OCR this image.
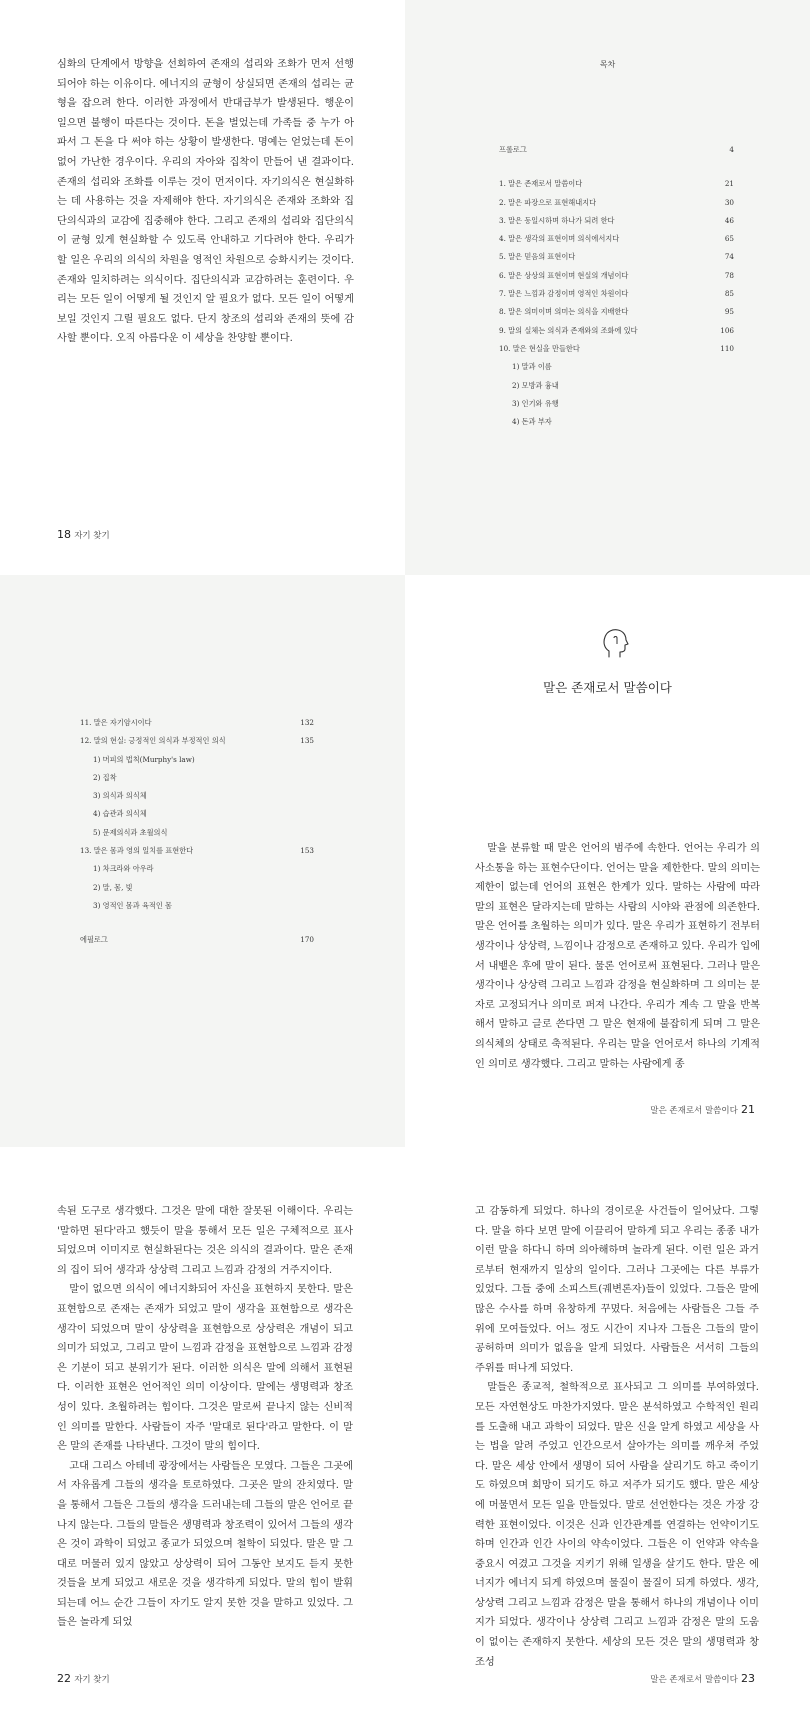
심화의 단계에서 방향을 선회하여 존재의 섭리와 조화가 먼저 선행되어야 하는 이유이다. 에너지의 균형이 상실되면 존재의 섭리는 균형을 잡으려 한다. 이러한 과정에서 반대급부가 발생된다. 행운이 일으면 불행이 따른다는 것이다. 돈을 벌었는데 가족들 중 누가 아파서 그 돈을 다 써야 하는 상황이 발생한다. 명예는 얻었는데 돈이 없어 가난한 경우이다. 우리의 자아와 집착이 만들어 낸 결과이다. 존재의 섭리와 조화를 이루는 것이 먼저이다. 자기의식은 현실화하는 데 사용하는 것을 자제해야 한다. 자기의식은 존재와 조화와 집단의식과의 교감에 집중해야 한다. 그리고 존재의 섭리와 집단의식이 균형 있게 현실화할 수 있도록 안내하고 기다려야 한다. 우리가 할 일은 우리의 의식의 차원을 영적인 차원으로 승화시키는 것이다. 존재와 일치하려는 의식이다. 집단의식과 교감하려는 훈련이다. 우리는 모든 일이 어떻게 될 것인지 알 필요가 없다. 모든 일이 어떻게 보일 것인지 그릴 필요도 없다. 단지 창조의 섭리와 존재의 뜻에 감사할 뿐이다. 오직 아름다운 이 세상을 찬양할 뿐이다.
18 자기 찾기
목차
프롤로그	4
1. 말은 존재로서 말씀이다	21
2. 말은 파장으로 표현해내지다	30
3. 말은 동일시하며 하나가 되려 한다	46
4. 말은 생각의 표현이며 의식에서지다	65
5. 말은 믿음의 표현이다	74
6. 말은 상상의 표현이며 현실의 개념이다	78
7. 말은 느낌과 감정이며 영적인 차원이다	85
8. 말은 의미이며 의미는 의식을 지배한다	95
9. 말의 실체는 의식과 존재와의 조화에 있다	106
10. 말은 현실을 만들한다	110
1) 말과 이름
2) 모방과 흉내
3) 인기와 유행
4) 돈과 부자
11. 말은 자기암시이다	132
12. 말의 현실: 긍정적인 의식과 부정적인 의식	135
1) 머피의 법칙(Murphy's law)
2) 집착
3) 의식과 의식체
4) 습관과 의식체
5) 문제의식과 초월의식
13. 말은 몸과 영의 일치를 표현한다	153
1) 차크라와 아우라
2) 말, 몸, 빛
3) 영적인 몸과 육적인 몸
에필로그	170
말은 존재로서 말씀이다
말을 분류할 때 말은 언어의 범주에 속한다. 언어는 우리가 의사소통을 하는 표현수단이다. 언어는 말을 제한한다. 말의 의미는 제한이 없는데 언어의 표현은 한계가 있다. 말하는 사람에 따라 말의 표현은 달라지는데 말하는 사람의 시야와 관점에 의존한다. 말은 언어를 초월하는 의미가 있다. 말은 우리가 표현하기 전부터 생각이나 상상력, 느낌이나 감정으로 존재하고 있다. 우리가 입에서 내뱉은 후에 말이 된다. 물론 언어로써 표현된다. 그러나 말은 생각이나 상상력 그리고 느낌과 감정을 현실화하며 그 의미는 문자로 고정되거나 의미로 퍼져 나간다. 우리가 계속 그 말을 반복해서 말하고 글로 쓴다면 그 말은 현재에 불잡히게 되며 그 말은 의식체의 상태로 축적된다. 우리는 말을 언어로서 하나의 기계적인 의미로 생각했다. 그리고 말하는 사람에게 종
말은 존재로서 말씀이다 21

속된 도구로 생각했다. 그것은 말에 대한 잘못된 이해이다. 우리는 '말하면 된다'라고 했듯이 말을 통해서 모든 일은 구체적으로 표사되었으며 이미지로 현실화된다는 것은 의식의 결과이다. 말은 존재의 집이 되어 생각과 상상력 그리고 느낌과 감정의 거주지이다.

말이 없으면 의식이 에너지화되어 자신을 표현하지 못한다. 말은 표현함으로 존재는 존재가 되었고 말이 생각을 표현함으로 생각은 생각이 되었으며 말이 상상력을 표현함으로 상상력은 개념이 되고 의미가 되었고, 그리고 말이 느낌과 감정을 표현함으로 느낌과 감정은 기분이 되고 분위기가 된다. 이러한 의식은 말에 의해서 표현된다. 이러한 표현은 언어적인 의미 이상이다. 말에는 생명력과 창조성이 있다. 초월하려는 힘이다. 그것은 말로써 끝나지 않는 신비적인 의미를 말한다. 사람들이 자주 '말대로 된다'라고 말한다. 이 말은 말의 존재를 나타낸다. 그것이 말의 힘이다.

고대 그리스 아테네 광장에서는 사람들은 모였다. 그들은 그곳에서 자유롭게 그들의 생각을 토로하였다. 그곳은 말의 잔치였다. 말을 통해서 그들은 그들의 생각을 드러내는데 그들의 말은 언어로 끝나지 않는다. 그들의 말들은 생명력과 창조력이 있어서 그들의 생각은 것이 과학이 되었고 종교가 되었으며 철학이 되었다. 말은 말 그대로 머물러 있지 않았고 상상력이 되어 그동안 보지도 듣지 못한 것들을 보게 되었고 새로운 것을 생각하게 되었다. 말의 힘이 발휘되는데 어느 순간 그들이 자기도 알지 못한 것을 말하고 있었다. 그들은 놀라게 되었

22 자기 찾기

고 감동하게 되었다. 하나의 경이로운 사건들이 일어났다. 그렇다. 말을 하다 보면 말에 이끌리어 말하게 되고 우리는 종종 내가 이런 말을 하다니 하며 의아해하며 놀라게 된다. 이런 일은 과거로부터 현재까지 일상의 일이다. 그러나 그곳에는 다른 부류가 있었다. 그들 중에 소피스트(궤변론자)들이 있었다. 그들은 말에 많은 수사를 하며 유창하게 꾸몄다. 처음에는 사람들은 그들 주위에 모여들었다. 어느 정도 시간이 지나자 그들은 그들의 말이 공허하며 의미가 없음을 알게 되었다. 사람들은 서서히 그들의 주위를 떠나게 되었다.

말들은 종교적, 철학적으로 표사되고 그 의미를 부여하였다. 모든 자연현상도 마찬가지였다. 말은 분석하였고 수학적인 원리를 도출해 내고 과학이 되었다. 말은 신을 알게 하였고 세상을 사는 법을 알려 주었고 인간으로서 살아가는 의미를 깨우쳐 주었다. 말은 세상 안에서 생명이 되어 사람을 살리기도 하고 죽이기도 하였으며 희망이 되기도 하고 저주가 되기도 했다. 말은 세상에 머물면서 모든 일을 만들었다. 말로 선언한다는 것은 가장 강력한 표현이었다. 이것은 신과 인간관계를 연결하는 언약이기도 하며 인간과 인간 사이의 약속이었다. 그들은 이 언약과 약속을 중요시 여겼고 그것을 지키기 위해 일생을 살기도 한다. 말은 에너지가 에너지 되게 하였으며 물질이 물질이 되게 하였다. 생각, 상상력 그리고 느낌과 감정은 말을 통해서 하나의 개념이나 이미지가 되었다. 생각이나 상상력 그리고 느낌과 감정은 말의 도움이 없이는 존재하지 못한다. 세상의 모든 것은 말의 생명력과 창조성

말은 존재로서 말씀이다 23
